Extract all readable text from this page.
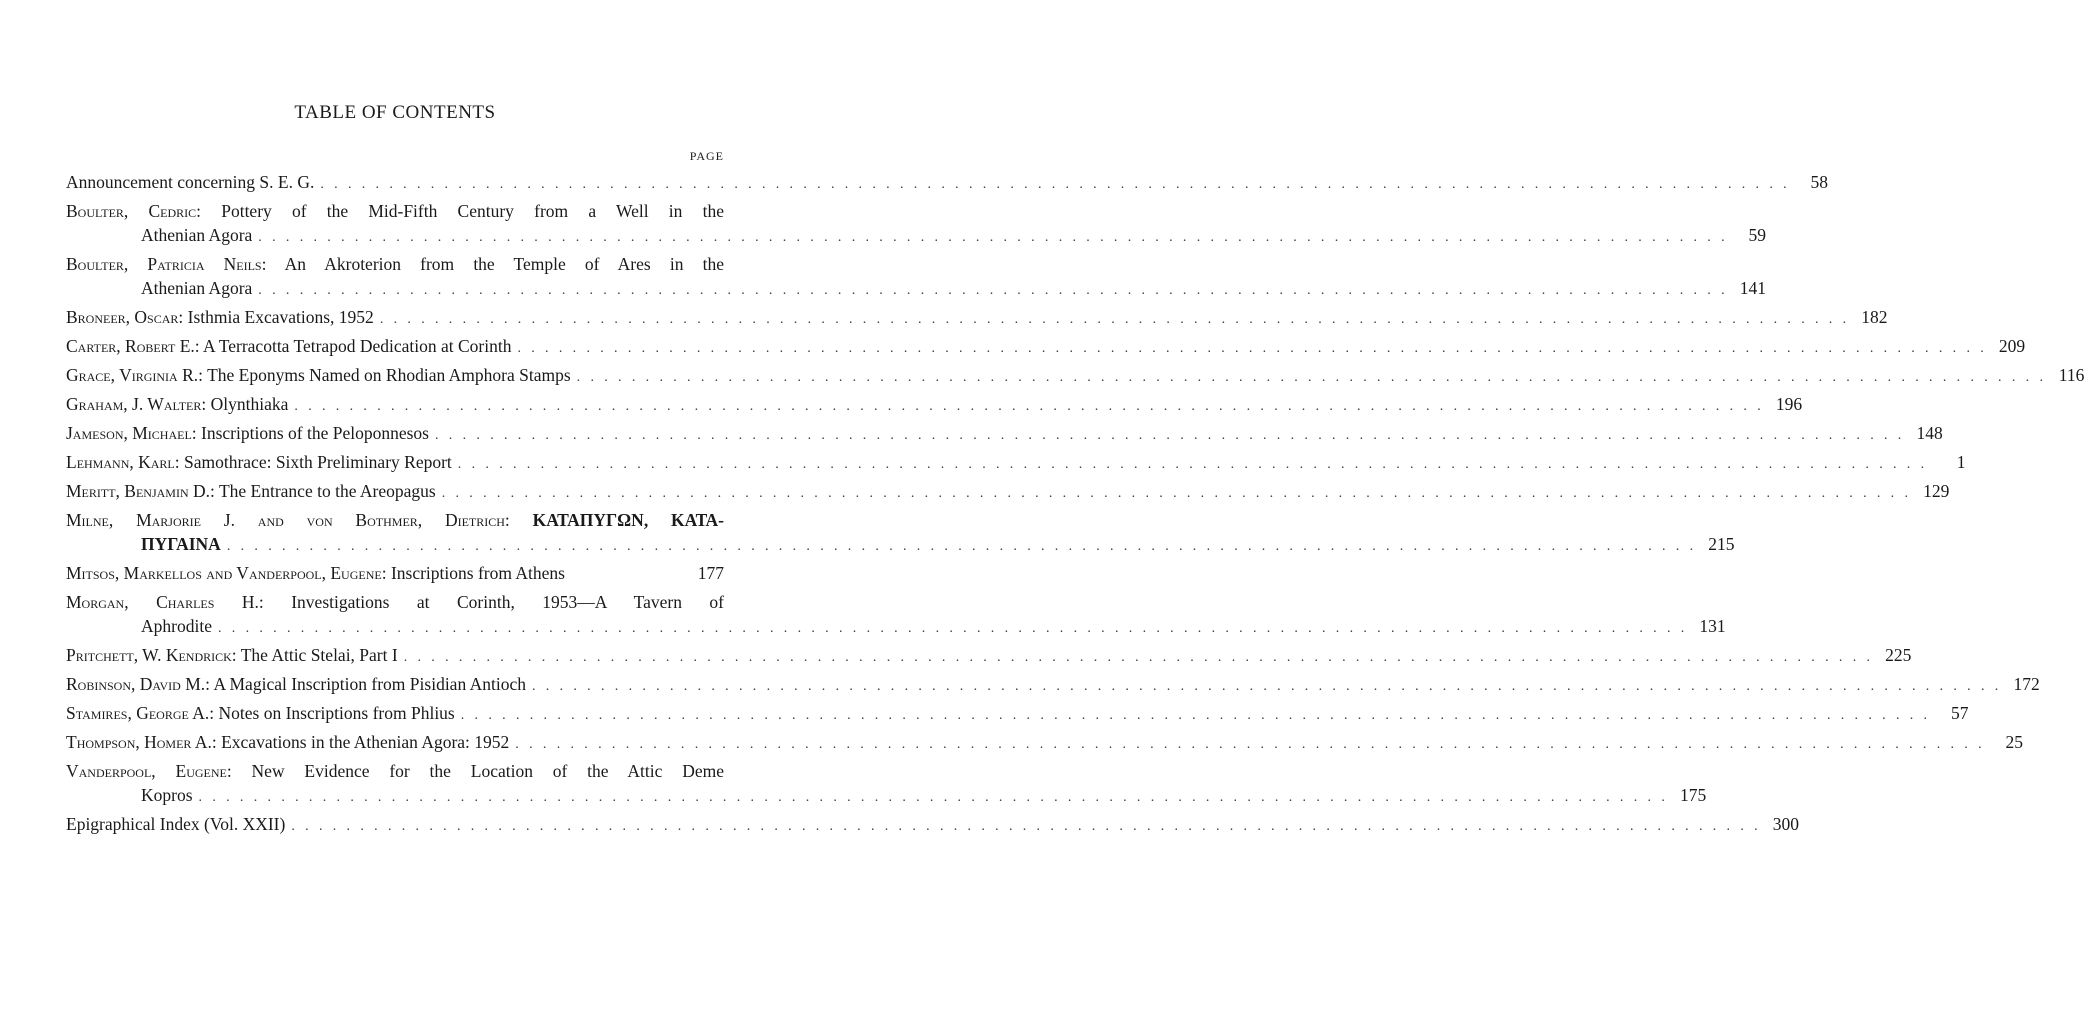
TABLE OF CONTENTS
PAGE
Announcement concerning S. E. G. . . .	58
Boulter, Cedric: Pottery of the Mid-Fifth Century from a Well in the
Athenian Agora . . .	59
Boulter, Patricia Neils: An Akroterion from the Temple of Ares in the
Athenian Agora . . .	141
Broneer, Oscar: Isthmia Excavations, 1952 . . .	182
Carter, Robert E.: A Terracotta Tetrapod Dedication at Corinth . . .	209
Grace, Virginia R.: The Eponyms Named on Rhodian Amphora Stamps . . .	116
Graham, J. Walter: Olynthiaka . . .	196
Jameson, Michael: Inscriptions of the Peloponnesos . . .	148
Lehmann, Karl: Samothrace: Sixth Preliminary Report . . .	1
Meritt, Benjamin D.: The Entrance to the Areopagus . . .	129
Milne, Marjorie J. and von Bothmer, Dietrich: ΚΑΤΑΠΥΓΩΝ, ΚΑΤΑ-
ΠΥΓΑΙΝΑ . . .	215
Mitsos, Markellos and Vanderpool, Eugene: Inscriptions from Athens	177
Morgan, Charles H.: Investigations at Corinth, 1953—A Tavern of
Aphrodite . . .	131
Pritchett, W. Kendrick: The Attic Stelai, Part I . . .	225
Robinson, David M.: A Magical Inscription from Pisidian Antioch . . .	172
Stamires, George A.: Notes on Inscriptions from Phlius . . .	57
Thompson, Homer A.: Excavations in the Athenian Agora: 1952 . . .	25
Vanderpool, Eugene: New Evidence for the Location of the Attic Deme
Kopros . . .	175
Epigraphical Index (Vol. XXII) . . .	300
